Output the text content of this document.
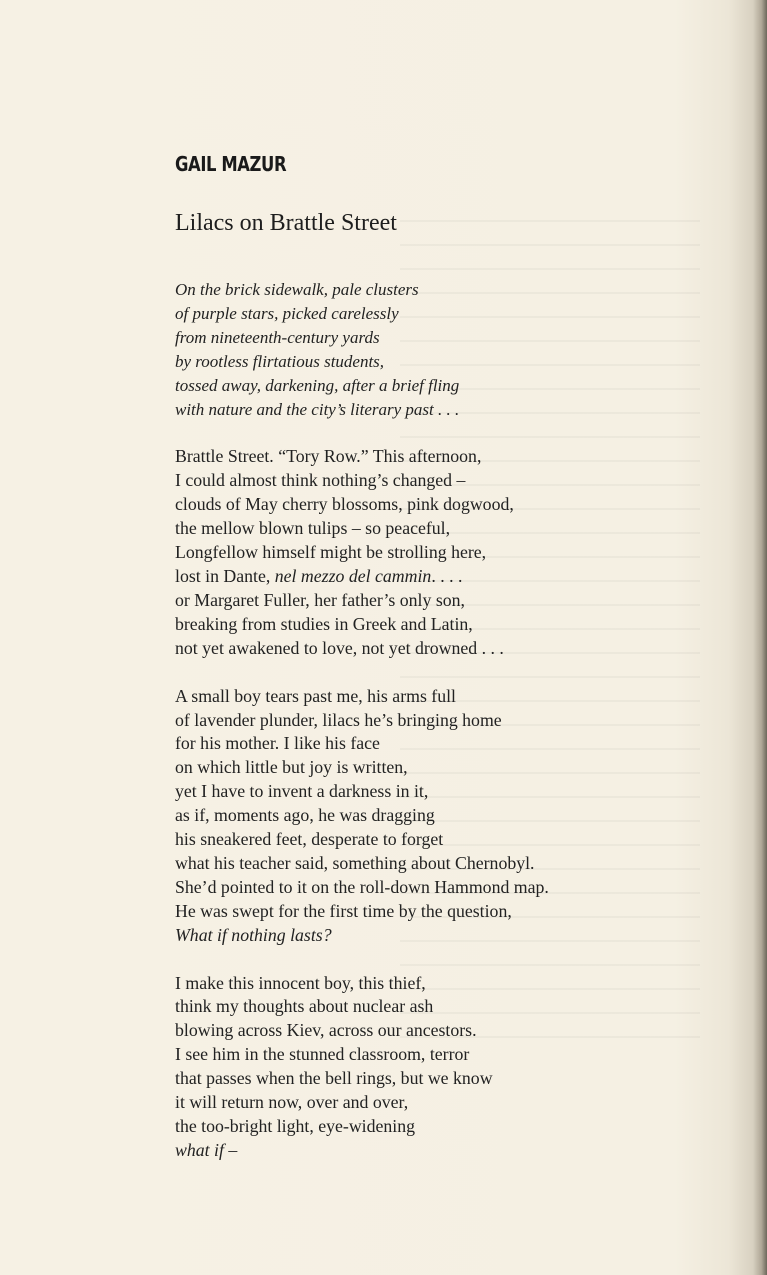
GAIL MAZUR
Lilacs on Brattle Street
On the brick sidewalk, pale clusters
of purple stars, picked carelessly
from nineteenth-century yards
by rootless flirtatious students,
tossed away, darkening, after a brief fling
with nature and the city’s literary past . . .
Brattle Street. “Tory Row.” This afternoon,
I could almost think nothing’s changed –
clouds of May cherry blossoms, pink dogwood,
the mellow blown tulips – so peaceful,
Longfellow himself might be strolling here,
lost in Dante, nel mezzo del cammin. . . .
or Margaret Fuller, her father’s only son,
breaking from studies in Greek and Latin,
not yet awakened to love, not yet drowned . . .
A small boy tears past me, his arms full
of lavender plunder, lilacs he’s bringing home
for his mother. I like his face
on which little but joy is written,
yet I have to invent a darkness in it,
as if, moments ago, he was dragging
his sneakered feet, desperate to forget
what his teacher said, something about Chernobyl.
She’d pointed to it on the roll-down Hammond map.
He was swept for the first time by the question,
What if nothing lasts?
I make this innocent boy, this thief,
think my thoughts about nuclear ash
blowing across Kiev, across our ancestors.
I see him in the stunned classroom, terror
that passes when the bell rings, but we know
it will return now, over and over,
the too-bright light, eye-widening
what if –
